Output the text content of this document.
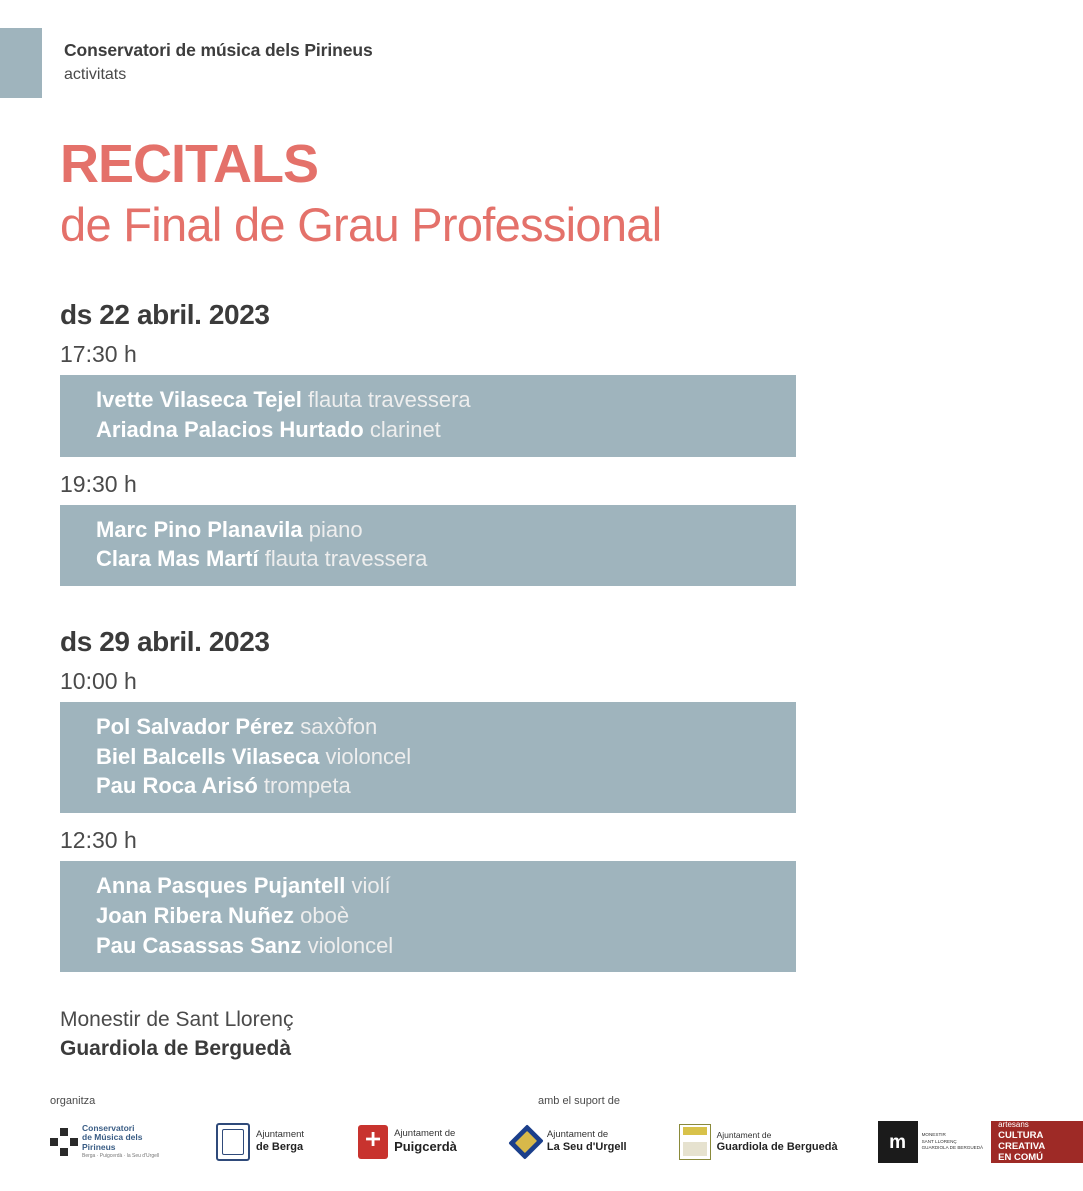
Conservatori de música dels Pirineus
activitats
RECITALS
de Final de Grau Professional
ds 22 abril. 2023
17:30 h
Ivette Vilaseca Tejel flauta travessera
Ariadna Palacios Hurtado clarinet
19:30 h
Marc Pino Planavila piano
Clara Mas Martí flauta travessera
ds 29 abril. 2023
10:00 h
Pol Salvador Pérez saxòfon
Biel Balcells Vilaseca violoncel
Pau Roca Arisó trompeta
12:30 h
Anna Pasques Pujantell violí
Joan Ribera Nuñez oboè
Pau Casassas Sanz violoncel
Monestir de Sant Llorenç
Guardiola de Berguedà
organitza	amb el suport de
Conservatori
de Música dels
Pirineus
Berga · Puigcerdà · la Seu d'Urgell
Ajuntament
de Berga
Ajuntament de
Puigcerdà
Ajuntament de
La Seu d'Urgell
Ajuntament de
Guardiola de Berguedà	m	MONESTIR
SANT LLORENÇ
GUARDIOLA DE BERGUEDÀ
artesans
CULTURA
CREATIVA
EN COMÚ
